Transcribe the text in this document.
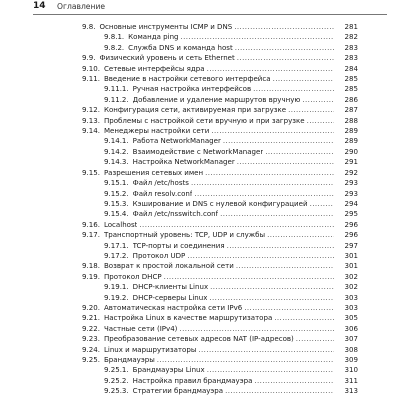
14 Оглавление
9.8. Основные инструменты ICMP и DNS .....	281
9.8.1. Команда ping .....	282
9.8.2. Служба DNS и команда host .....	283
9.9. Физический уровень и сеть Ethernet .....	283
9.10. Сетевые интерфейсы ядра .....	284
9.11. Введение в настройки сетевого интерфейса .....	285
9.11.1. Ручная настройка интерфейсов .....	285
9.11.2. Добавление и удаление маршрутов вручную .....	286
9.12. Конфигурация сети, активируемая при загрузке .....	287
9.13. Проблемы с настройкой сети вручную и при загрузке .....	288
9.14. Менеджеры настройки сети .....	289
9.14.1. Работа NetworkManager .....	289
9.14.2. Взаимодействие с NetworkManager .....	290
9.14.3. Настройка NetworkManager .....	291
9.15. Разрешения сетевых имен .....	292
9.15.1. Файл /etc/hosts .....	293
9.15.2. Файл resolv.conf .....	293
9.15.3. Кэширование и DNS с нулевой конфигурацией .....	294
9.15.4. Файл /etc/nsswitch.conf .....	295
9.16. Localhost .....	296
9.17. Транспортный уровень: TCP, UDP и службы .....	296
9.17.1. TCP-порты и соединения .....	297
9.17.2. Протокол UDP .....	301
9.18. Возврат к простой локальной сети .....	301
9.19. Протокол DHCP .....	302
9.19.1. DHCP-клиенты Linux .....	302
9.19.2. DHCP-серверы Linux .....	303
9.20. Автоматическая настройка сети IPv6 .....	303
9.21. Настройка Linux в качестве маршрутизатора .....	305
9.22. Частные сети (IPv4) .....	306
9.23. Преобразование сетевых адресов NAT (IP-адресов) .....	307
9.24. Linux и маршрутизаторы .....	308
9.25. Брандмауэры .....	309
9.25.1. Брандмауэры Linux .....	310
9.25.2. Настройка правил брандмауэра .....	311
9.25.3. Стратегии брандмауэра .....	313
